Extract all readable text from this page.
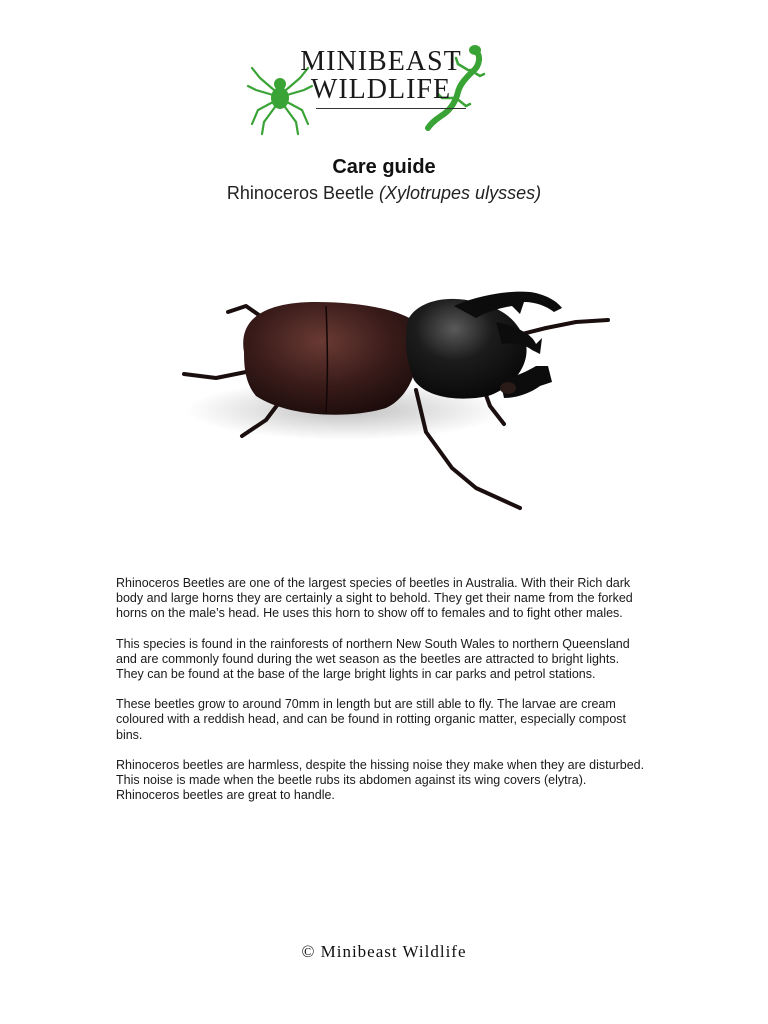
MINIBEAST
WILDLIFE
Care guide
Rhinoceros Beetle (Xylotrupes ulysses)

Rhinoceros Beetles are one of the largest species of beetles in Australia. With their Rich dark body and large horns they are certainly a sight to behold. They get their name from the forked horns on the male’s head. He uses this horn to show off to females and to fight other males.

This species is found in the rainforests of northern New South Wales to northern Queensland and are commonly found during the wet season as the beetles are attracted to bright lights. They can be found at the base of the large bright lights in car parks and petrol stations.

These beetles grow to around 70mm in length but are still able to fly. The larvae are cream coloured with a reddish head, and can be found in rotting organic matter, especially compost bins.

Rhinoceros beetles are harmless, despite the hissing noise they make when they are disturbed. This noise is made when the beetle rubs its abdomen against its wing covers (elytra). Rhinoceros beetles are great to handle.

© Minibeast Wildlife
